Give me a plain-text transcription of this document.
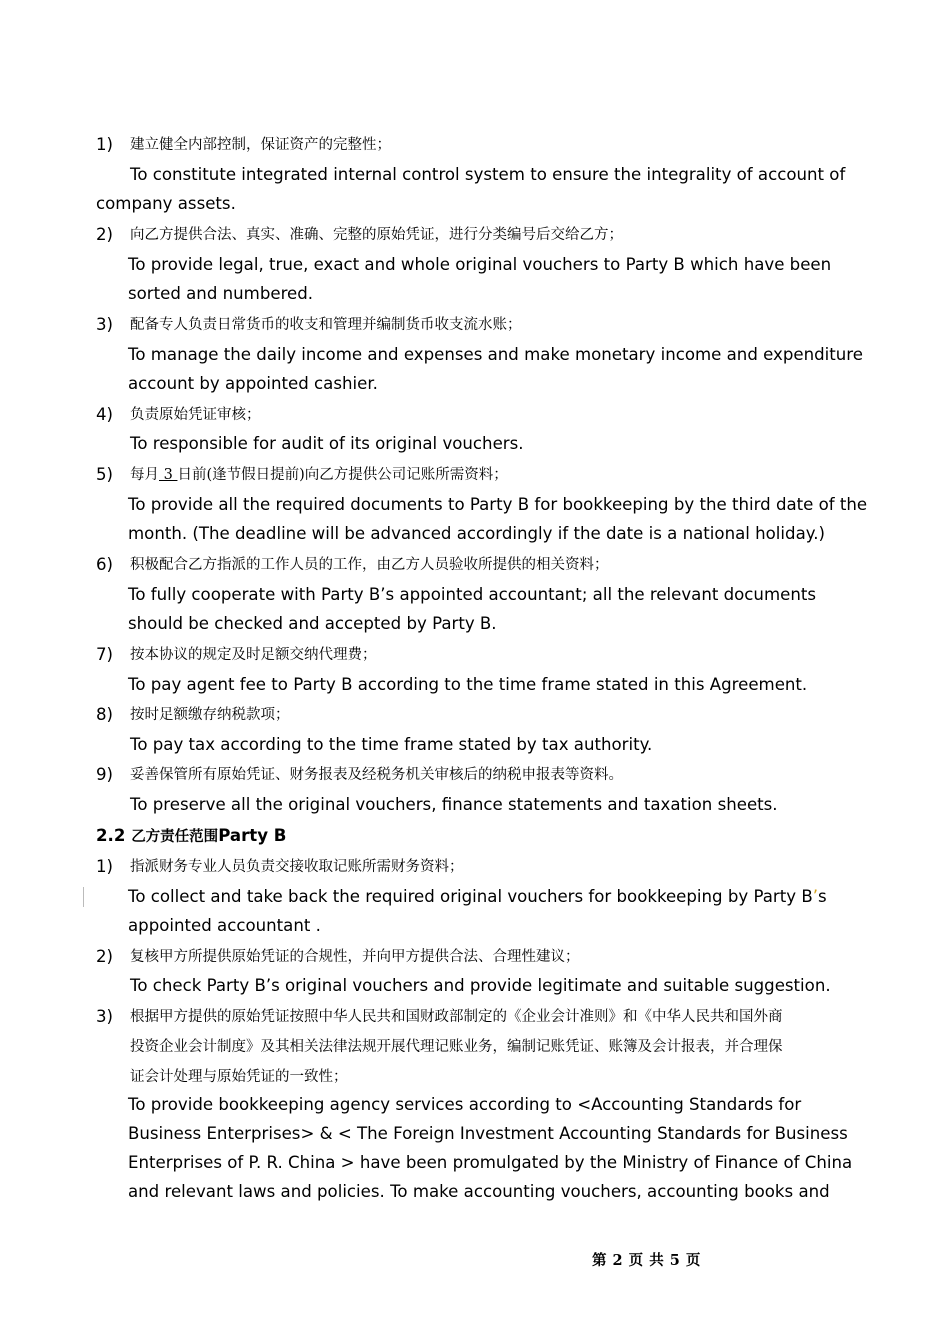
1) 建立健全内部控制，保证资产的完整性；
To constitute integrated internal control system to ensure the integrality of account of
company assets.
2) 向乙方提供合法、真实、准确、完整的原始凭证，进行分类编号后交给乙方；
To provide legal, true, exact and whole original vouchers to Party B which have been
sorted and numbered.
3) 配备专人负责日常货币的收支和管理并编制货币收支流水账；
To manage the daily income and expenses and make monetary income and expenditure
account by appointed cashier.
4) 负责原始凭证审核；
To responsible for audit of its original vouchers.
5) 每月 3 日前(逢节假日提前)向乙方提供公司记账所需资料；
To provide all the required documents to Party B for bookkeeping by the third date of the
month. (The deadline will be advanced accordingly if the date is a national holiday.)
6) 积极配合乙方指派的工作人员的工作，由乙方人员验收所提供的相关资料；
To fully cooperate with Party B’s appointed accountant; all the relevant documents
should be checked and accepted by Party B.
7) 按本协议的规定及时足额交纳代理费；
To pay agent fee to Party B according to the time frame stated in this Agreement.
8) 按时足额缴存纳税款项；
To pay tax according to the time frame stated by tax authority.
9) 妥善保管所有原始凭证、财务报表及经税务机关审核后的纳税申报表等资料。
To preserve all the original vouchers, finance statements and taxation sheets.
2.2 乙方责任范围Party B
1) 指派财务专业人员负责交接收取记账所需财务资料；
To collect and take back the required original vouchers for bookkeeping by Party B’s
appointed accountant .
2) 复核甲方所提供原始凭证的合规性，并向甲方提供合法、合理性建议；
To check Party B’s original vouchers and provide legitimate and suitable suggestion.
3) 根据甲方提供的原始凭证按照中华人民共和国财政部制定的《企业会计准则》和《中华人民共和国外商
投资企业会计制度》及其相关法律法规开展代理记账业务，编制记账凭证、账簿及会计报表，并合理保
证会计处理与原始凭证的一致性；
To provide bookkeeping agency services according to <Accounting Standards for
Business Enterprises> & < The Foreign Investment Accounting Standards for Business
Enterprises of P. R. China > have been promulgated by the Ministry of Finance of China
and relevant laws and policies. To make accounting vouchers, accounting books and
第 2 页 共 5 页
